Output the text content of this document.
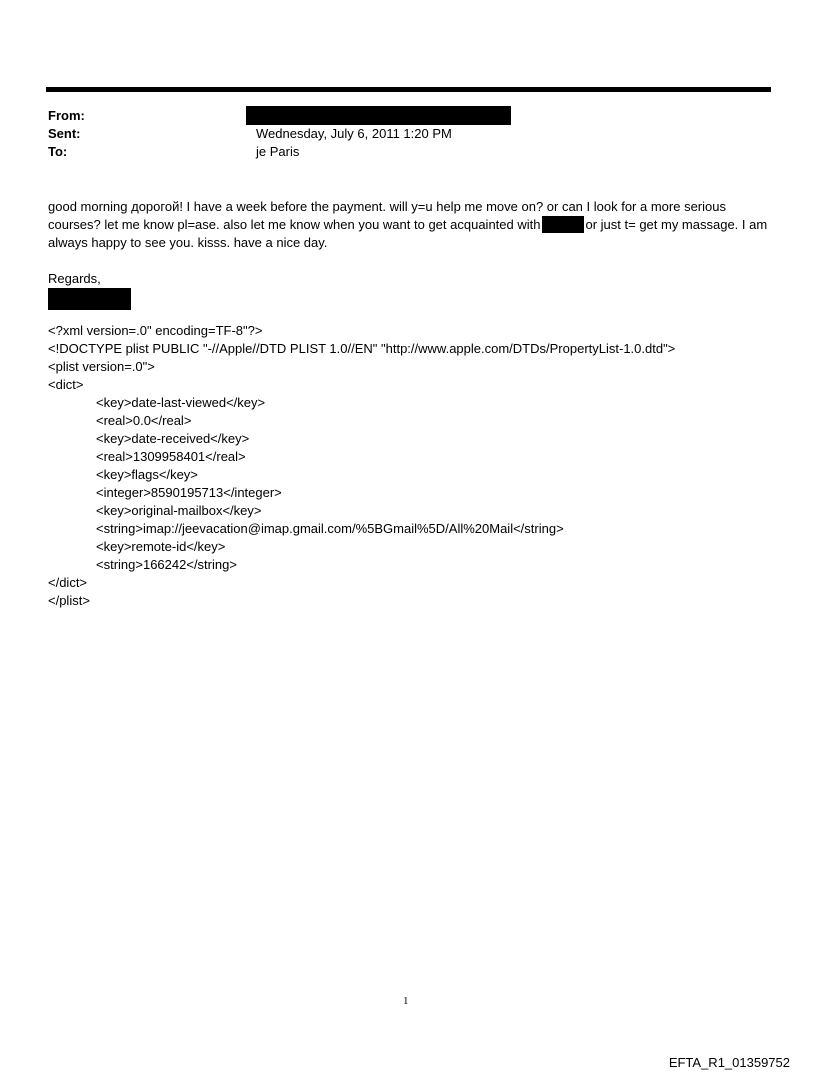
From:
Sent:	Wednesday, July 6, 2011 1:20 PM
To:	je Paris

good morning дорогой! I have a week before the payment. will y=u help me move on? or can I look for a more serious courses? let me know pl=ase. also let me know when you want to get acquainted with	or just t= get my massage. I am always happy to see you. kisss. have a nice day.

Regards,
<?xml version=.0" encoding=TF-8"?>
<!DOCTYPE plist PUBLIC "-//Apple//DTD PLIST 1.0//EN" "http://www.apple.com/DTDs/PropertyList-1.0.dtd">
<plist version=.0">
<dict>
<key>date-last-viewed</key>
<real>0.0</real>
<key>date-received</key>
<real>1309958401</real>
<key>flags</key>
<integer>8590195713</integer>
<key>original-mailbox</key>
<string>imap://jeevacation@imap.gmail.com/%5BGmail%5D/All%20Mail</string>
<key>remote-id</key>
<string>166242</string>
</dict>
</plist>
1
EFTA_R1_01359752
